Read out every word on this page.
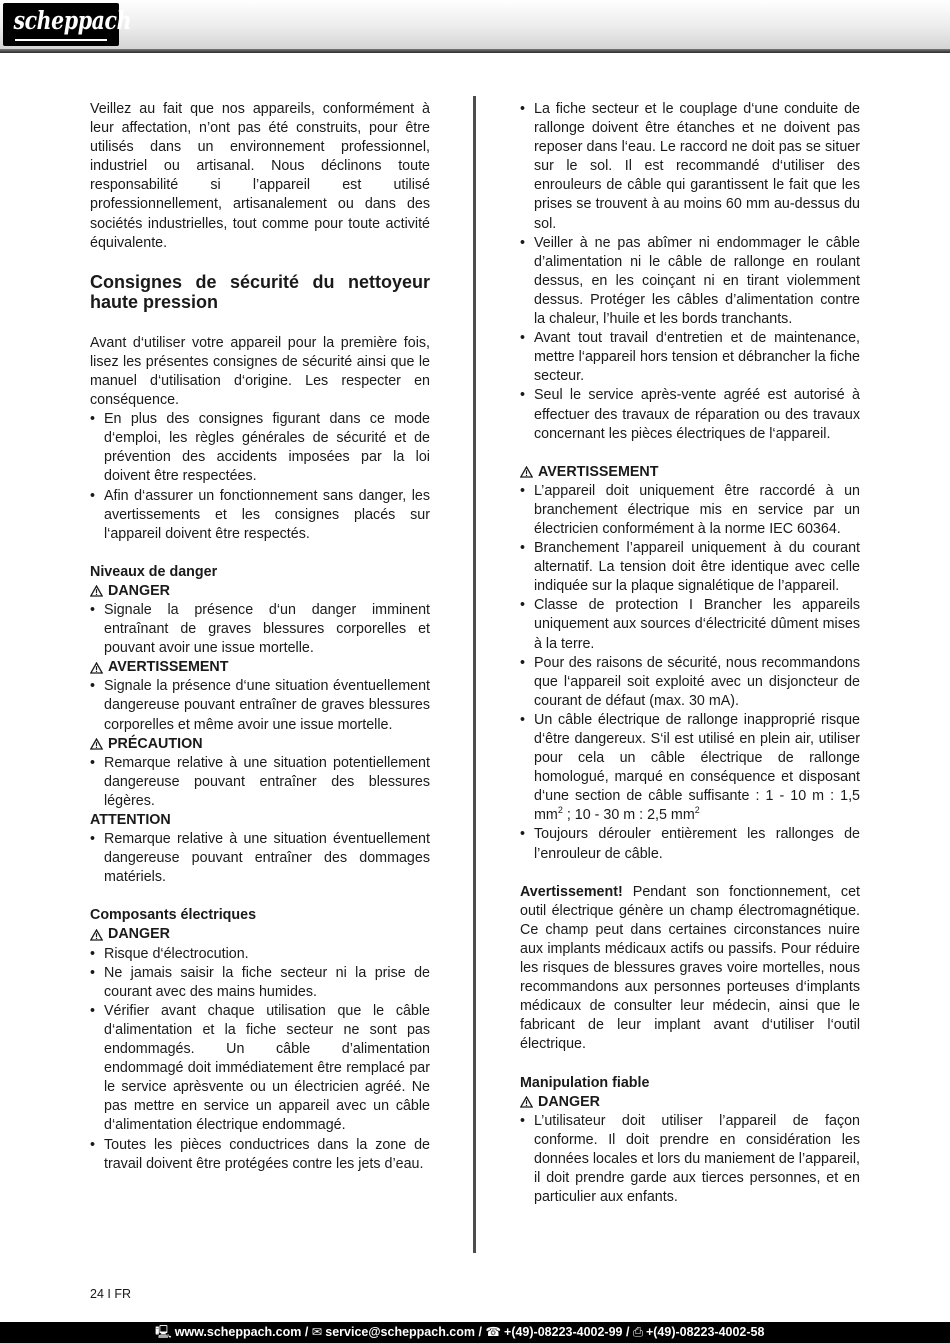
scheppach

Veillez au fait que nos appareils, conformément à leur affectation, n’ont pas été construits, pour être utilisés dans un environnement professionnel, industriel ou artisanal. Nous déclinons toute responsabilité si l’appareil est utilisé professionnellement, artisanalement ou dans des sociétés industrielles, tout comme pour toute activité équivalente.

Consignes de sécurité du nettoyeur
haute pression

Avant d‘utiliser votre appareil pour la première fois, lisez les présentes consignes de sécurité ainsi que le manuel d‘utilisation d‘origine. Les respecter en conséquence.

• En plus des consignes figurant dans ce mode d‘emploi, les règles générales de sécurité et de prévention des accidents imposées par la loi doivent être respectées.
• Afin d‘assurer un fonctionnement sans danger, les avertissements et les consignes placés sur l‘appareil doivent être respectés.

Niveaux de danger

DANGER

• Signale la présence d‘un danger imminent entraînant de graves blessures corporelles et pouvant avoir une issue mortelle.

AVERTISSEMENT

• Signale la présence d‘une situation éventuellement dangereuse pouvant entraîner de graves blessures corporelles et même avoir une issue mortelle.

PRÉCAUTION

• Remarque relative à une situation potentiellement dangereuse pouvant entraîner des blessures légères.

ATTENTION

• Remarque relative à une situation éventuellement dangereuse pouvant entraîner des dommages matériels.

Composants électriques

DANGER

• Risque d‘électrocution.
• Ne jamais saisir la fiche secteur ni la prise de courant avec des mains humides.
• Vérifier avant chaque utilisation que le câble d‘alimentation et la fiche secteur ne sont pas endommagés. Un câble d’alimentation endommagé doit immédiatement être remplacé par le service aprèsvente ou un électricien agréé. Ne pas mettre en service un appareil avec un câble d‘alimentation électrique endommagé.
• Toutes les pièces conductrices dans la zone de travail doivent être protégées contre les jets d’eau.
• La fiche secteur et le couplage d‘une conduite de rallonge doivent être étanches et ne doivent pas reposer dans l‘eau. Le raccord ne doit pas se situer sur le sol. Il est recommandé d‘utiliser des enrouleurs de câble qui garantissent le fait que les prises se trouvent à au moins 60 mm au-dessus du sol.
• Veiller à ne pas abîmer ni endommager le câble d’alimentation ni le câble de rallonge en roulant dessus, en les coinçant ni en tirant violemment dessus. Protéger les câbles d’alimentation contre la chaleur, l’huile et les bords tranchants.
• Avant tout travail d‘entretien et de maintenance, mettre l‘appareil hors tension et débrancher la fiche secteur.
• Seul le service après-vente agréé est autorisé à effectuer des travaux de réparation ou des travaux concernant les pièces électriques de l‘appareil.

AVERTISSEMENT

• L’appareil doit uniquement être raccordé à un branchement électrique mis en service par un électricien conformément à la norme IEC 60364.
• Branchement l’appareil uniquement à du courant alternatif. La tension doit être identique avec celle indiquée sur la plaque signalétique de l’appareil.
• Classe de protection I Brancher les appareils uniquement aux sources d‘électricité dûment mises à la terre.
• Pour des raisons de sécurité, nous recommandons que l‘appareil soit exploité avec un disjoncteur de courant de défaut (max. 30 mA).
• Un câble électrique de rallonge inapproprié risque d‘être dangereux. S‘il est utilisé en plein air, utiliser pour cela un câble électrique de rallonge homologué, marqué en conséquence et disposant d‘une section de câble suffisante : 1 - 10 m : 1,5 $mm^2$ ; 10 - 30 m : 2,5 $mm^2$
• Toujours dérouler entièrement les rallonges de l’enrouleur de câble.

Avertissement! Pendant son fonctionnement, cet outil électrique génère un champ électromagnétique. Ce champ peut dans certaines circonstances nuire aux implants médicaux actifs ou passifs. Pour réduire les risques de blessures graves voire mortelles, nous recommandons aux personnes porteuses d‘implants médicaux de consulter leur médecin, ainsi que le fabricant de leur implant avant d‘utiliser l‘outil électrique.

Manipulation fiable

DANGER

• L’utilisateur doit utiliser l’appareil de façon conforme. Il doit prendre en considération les données locales et lors du maniement de l’appareil, il doit prendre garde aux tierces personnes, et en particulier aux enfants.
24 I FR
🖳 www.scheppach.com / ✉ service@scheppach.com / ☎ +(49)-08223-4002-99 / ⎙ +(49)-08223-4002-58
